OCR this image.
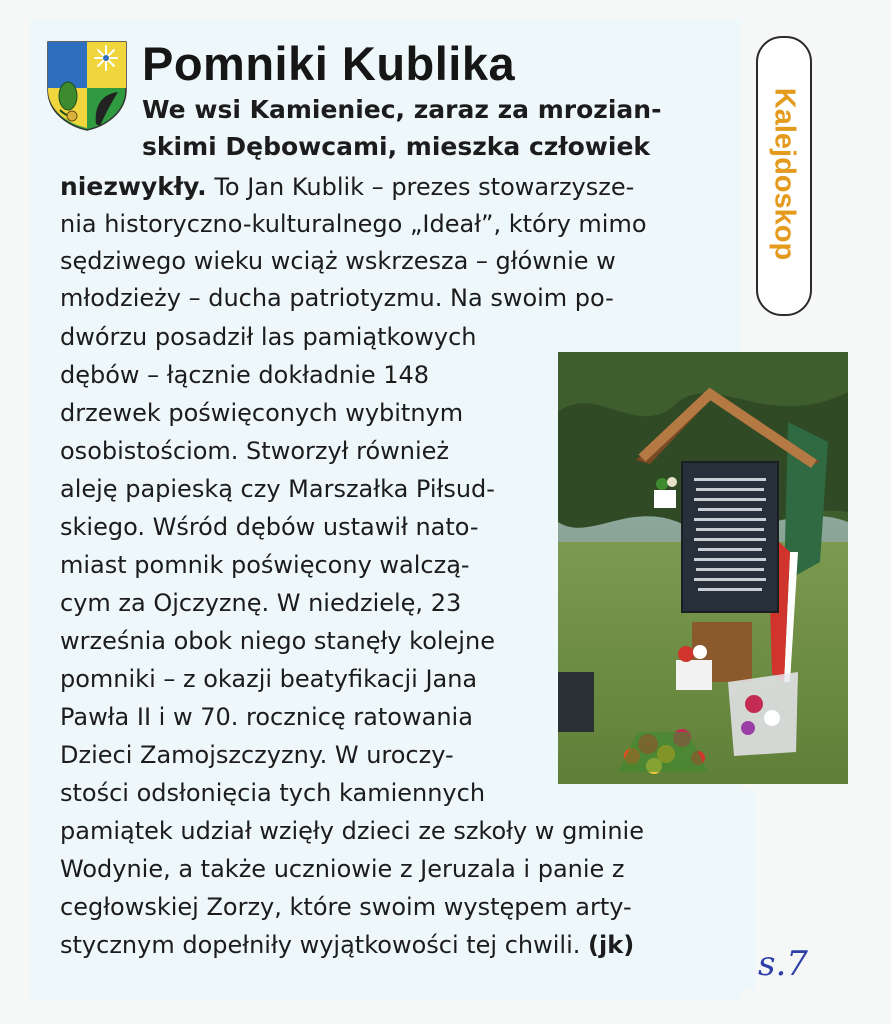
Pomniki Kublika
We wsi Kamieniec, zaraz za mrozian-
skimi Dębowcami, mieszka człowiek
niezwykły. To Jan Kublik – prezes stowarzysze-
nia historyczno-kulturalnego „Ideał”, który mimo
sędziwego wieku wciąż wskrzesza – głównie w
młodzieży – ducha patriotyzmu. Na swoim po-
dwórzu posadził las pamiątkowych
dębów – łącznie dokładnie 148
drzewek poświęconych wybitnym
osobistościom. Stworzył również
aleję papieską czy Marszałka Piłsud-
skiego. Wśród dębów ustawił nato-
miast pomnik poświęcony walczą-
cym za Ojczyznę. W niedzielę, 23
września obok niego stanęły kolejne
pomniki – z okazji beatyfikacji Jana
Pawła II i w 70. rocznicę ratowania
Dzieci Zamojszczyzny. W uroczy-
stości odsłonięcia tych kamiennych
pamiątek udział wzięły dzieci ze szkoły w gminie
Wodynie, a także uczniowie z Jeruzala i panie z
cegłowskiej Zorzy, które swoim występem arty-
stycznym dopełniły wyjątkowości tej chwili. (jk)
Kalejdoskop
s.7
